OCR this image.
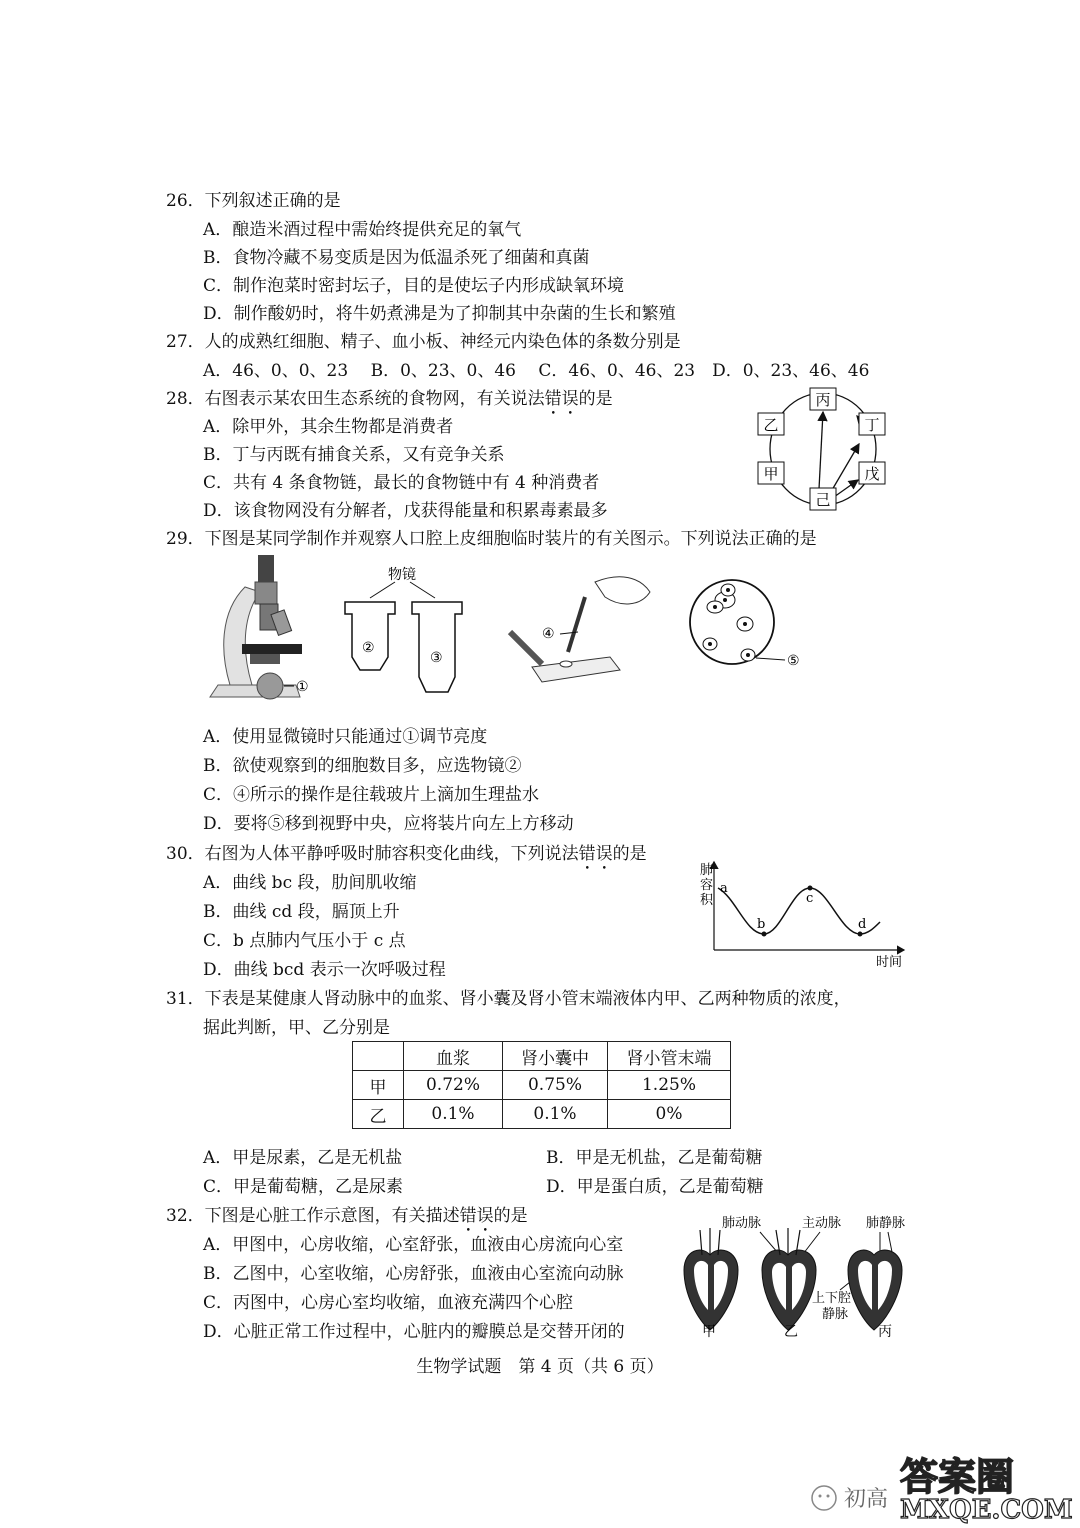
26．下列叙述正确的是
A．酿造米酒过程中需始终提供充足的氧气
B．食物冷藏不易变质是因为低温杀死了细菌和真菌
C．制作泡菜时密封坛子，目的是使坛子内形成缺氧环境
D．制作酸奶时，将牛奶煮沸是为了抑制其中杂菌的生长和繁殖
27．人的成熟红细胞、精子、血小板、神经元内染色体的条数分别是
A．46、0、0、23　 B．0、23、0、46　 C．46、0、46、23　D．0、23、46、46
28．右图表示某农田生态系统的食物网，有关说法错误的是
A．除甲外，其余生物都是消费者
B．丁与丙既有捕食关系，又有竞争关系
C．共有 4 条食物链，最长的食物链中有 4 种消费者
D．该食物网没有分解者，戊获得能量和积累毒素最多
丙
乙	丁
甲	戊
己
29．下图是某同学制作并观察人口腔上皮细胞临时装片的有关图示。下列说法正确的是
①
物镜
②
③
④
⑤
A．使用显微镜时只能通过①调节亮度
B．欲使观察到的细胞数目多，应选物镜②
C．④所示的操作是往载玻片上滴加生理盐水
D．要将⑤移到视野中央，应将装片向左上方移动
30．右图为人体平静呼吸时肺容积变化曲线，下列说法错误的是
A．曲线 bc 段，肋间肌收缩
B．曲线 cd 段，膈顶上升
C．b 点肺内气压小于 c 点
D．曲线 bcd 表示一次呼吸过程
肺
容
积
时间
a
b
c
d
31．下表是某健康人肾动脉中的血浆、肾小囊及肾小管末端液体内甲、乙两种物质的浓度，
据此判断，甲、乙分别是
	血浆	肾小囊中	肾小管末端
甲	0.72%	0.75%	1.25%
乙	0.1%	0.1%	0%
A．甲是尿素，乙是无机盐	B．甲是无机盐，乙是葡萄糖
C．甲是葡萄糖，乙是尿素	D．甲是蛋白质，乙是葡萄糖
32．下图是心脏工作示意图，有关描述错误的是
A．甲图中，心房收缩，心室舒张，血液由心房流向心室
B．乙图中，心室收缩，心房舒张，血液由心室流向动脉
C．丙图中，心房心室均收缩，血液充满四个心腔
D．心脏正常工作过程中，心脏内的瓣膜总是交替开闭的
肺动脉	主动脉 肺静脉
上下腔
静脉
甲	乙	丙
生物学试题　第 4 页（共 6 页）
初高
答案圈
MXQE.COM
